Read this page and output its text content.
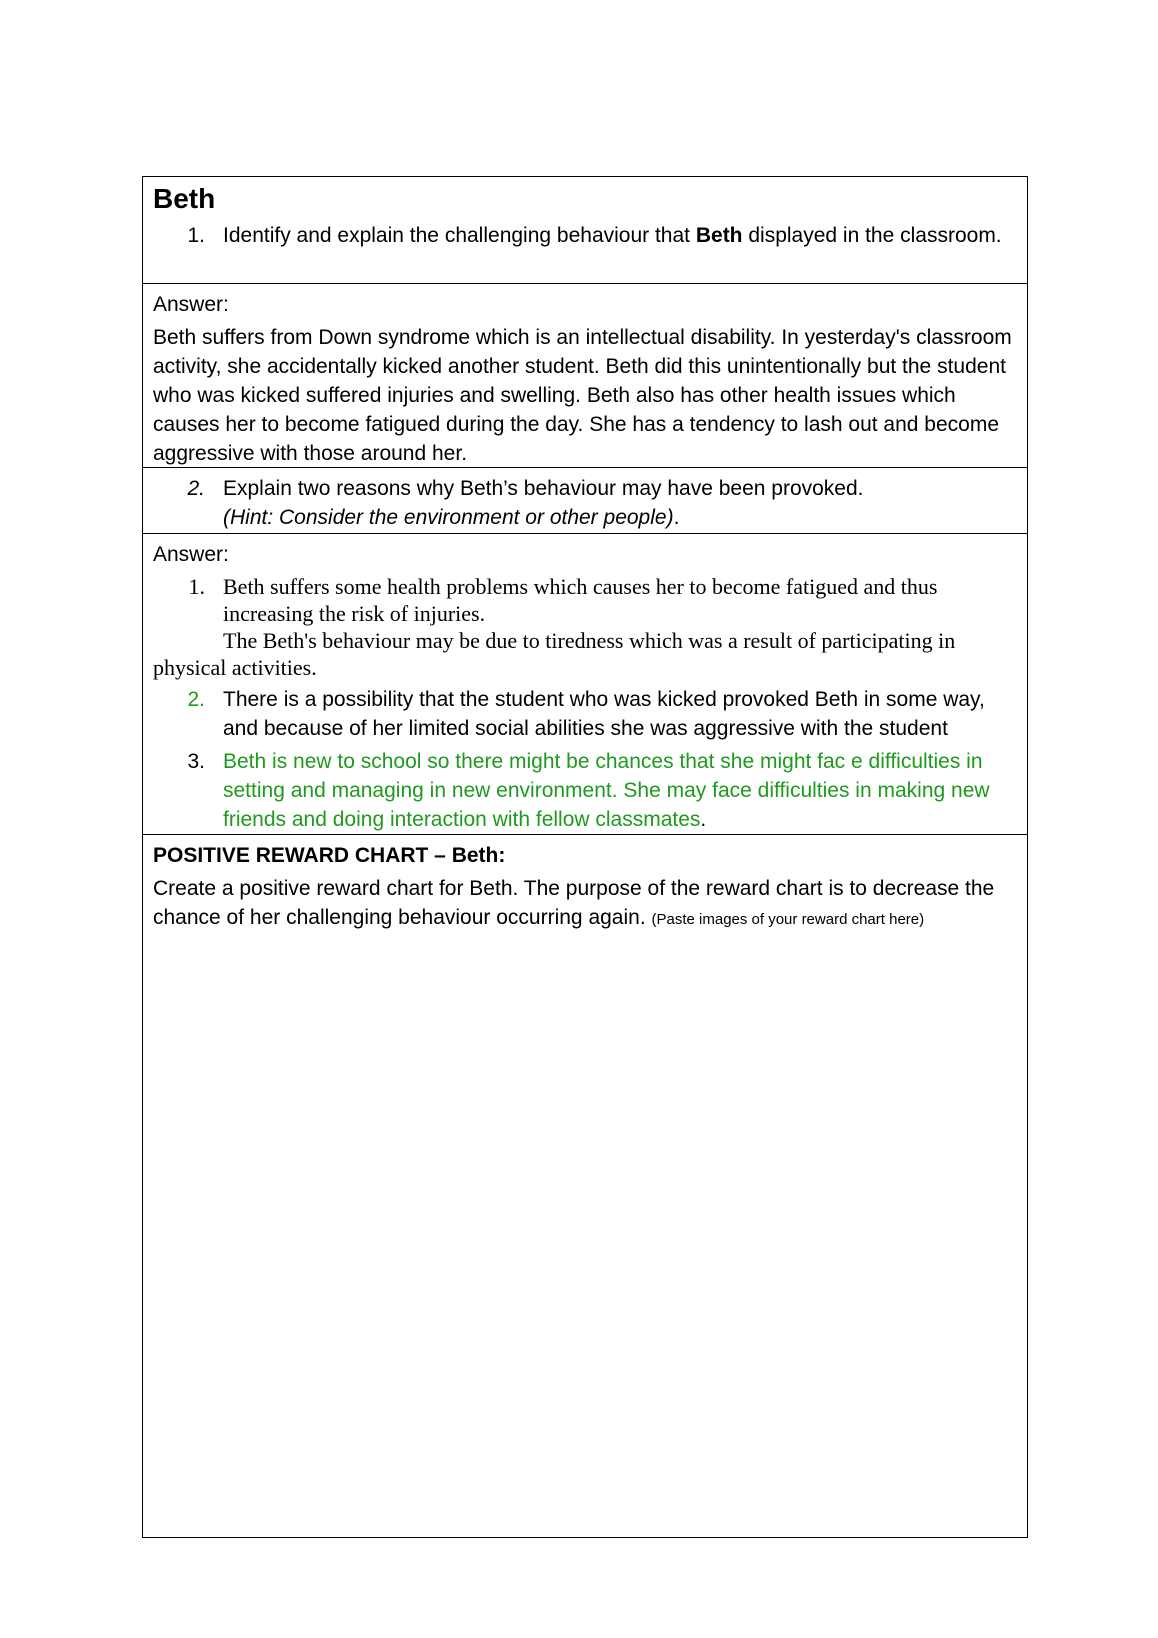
Beth
1. Identify and explain the challenging behaviour that Beth displayed in the classroom.
Answer:
Beth suffers from Down syndrome which is an intellectual disability. In yesterday's classroom activity, she accidentally kicked another student. Beth did this unintentionally but the student who was kicked suffered injuries and swelling. Beth also has other health issues which causes her to become fatigued during the day. She has a tendency to lash out and become aggressive with those around her.
2. Explain two reasons why Beth’s behaviour may have been provoked.
(Hint: Consider the environment or other people).
Answer:
1. Beth suffers some health problems which causes her to become fatigued and thus increasing the risk of injuries.
The Beth's behaviour may be due to tiredness which was a result of participating in
physical activities.
2. There is a possibility that the student who was kicked provoked Beth in some way, and because of her limited social abilities she was aggressive with the student
3. Beth is new to school so there might be chances that she might fac e difficulties in setting and managing in new environment. She may face difficulties in making new friends and doing interaction with fellow classmates.
POSITIVE REWARD CHART – Beth:
Create a positive reward chart for Beth. The purpose of the reward chart is to decrease the chance of her challenging behaviour occurring again. (Paste images of your reward chart here)
